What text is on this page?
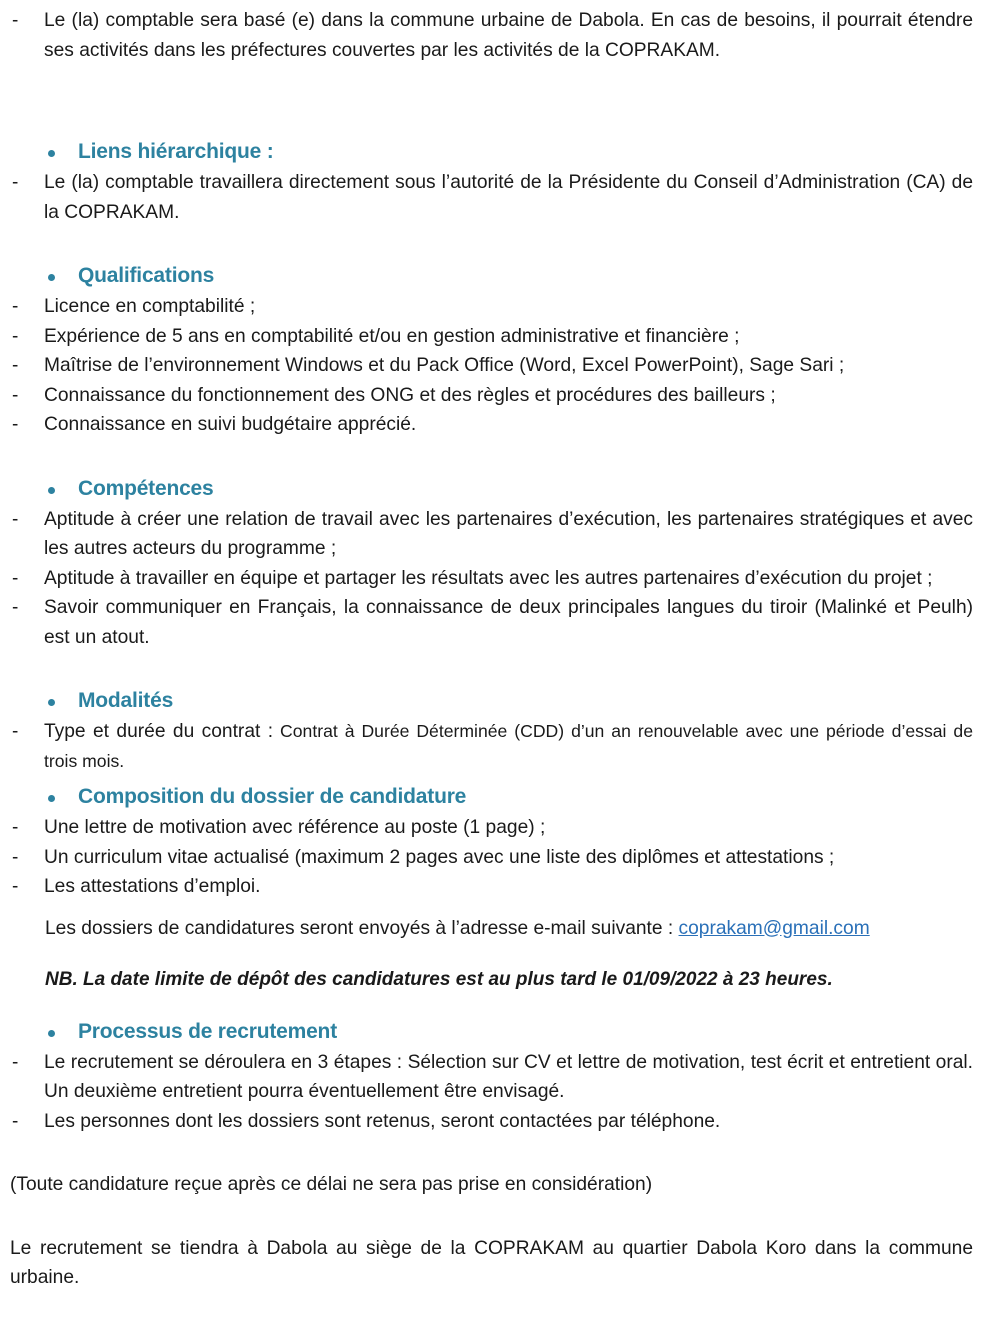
-	Le (la) comptable sera basé (e) dans la commune urbaine de Dabola. En cas de besoins, il pourrait étendre ses activités dans les préfectures couvertes par les activités de la COPRAKAM.
Liens hiérarchique :
-	Le (la) comptable travaillera directement sous l’autorité de la Présidente du Conseil d’Administration (CA) de la COPRAKAM.
Qualifications
-	Licence en comptabilité ;
-	Expérience de 5 ans en comptabilité et/ou en gestion administrative et financière ;
-	Maîtrise de l’environnement Windows et du Pack Office (Word, Excel PowerPoint), Sage Sari ;
-	Connaissance du fonctionnement des ONG et des règles et procédures des bailleurs ;
-	Connaissance en suivi budgétaire apprécié.
Compétences
-	Aptitude à créer une relation de travail avec les partenaires d’exécution, les partenaires stratégiques et avec les autres acteurs du programme ;
-	Aptitude à travailler en équipe et partager les résultats avec les autres partenaires d’exécution du projet ;
-	Savoir communiquer en Français, la connaissance de deux principales langues du tiroir (Malinké et Peulh) est un atout.
Modalités
-	Type et durée du contrat : Contrat à Durée Déterminée (CDD) d’un an renouvelable avec une période d’essai de trois mois.
Composition du dossier de candidature
-	Une lettre de motivation avec référence au poste (1 page) ;
-	Un curriculum vitae actualisé (maximum 2 pages avec une liste des diplômes et attestations ;
-	Les attestations d’emploi.

Les dossiers de candidatures seront envoyés à l’adresse e-mail suivante : coprakam@gmail.com

NB. La date limite de dépôt des candidatures est au plus tard le 01/09/2022 à 23 heures.

Processus de recrutement
-	Le recrutement se déroulera en 3 étapes : Sélection sur CV et lettre de motivation, test écrit et entretient oral. Un deuxième entretient pourra éventuellement être envisagé.
-	Les personnes dont les dossiers sont retenus, seront contactées par téléphone.

(Toute candidature reçue après ce délai ne sera pas prise en considération)

Le recrutement se tiendra à Dabola au siège de la COPRAKAM au quartier Dabola Koro dans la commune urbaine.
